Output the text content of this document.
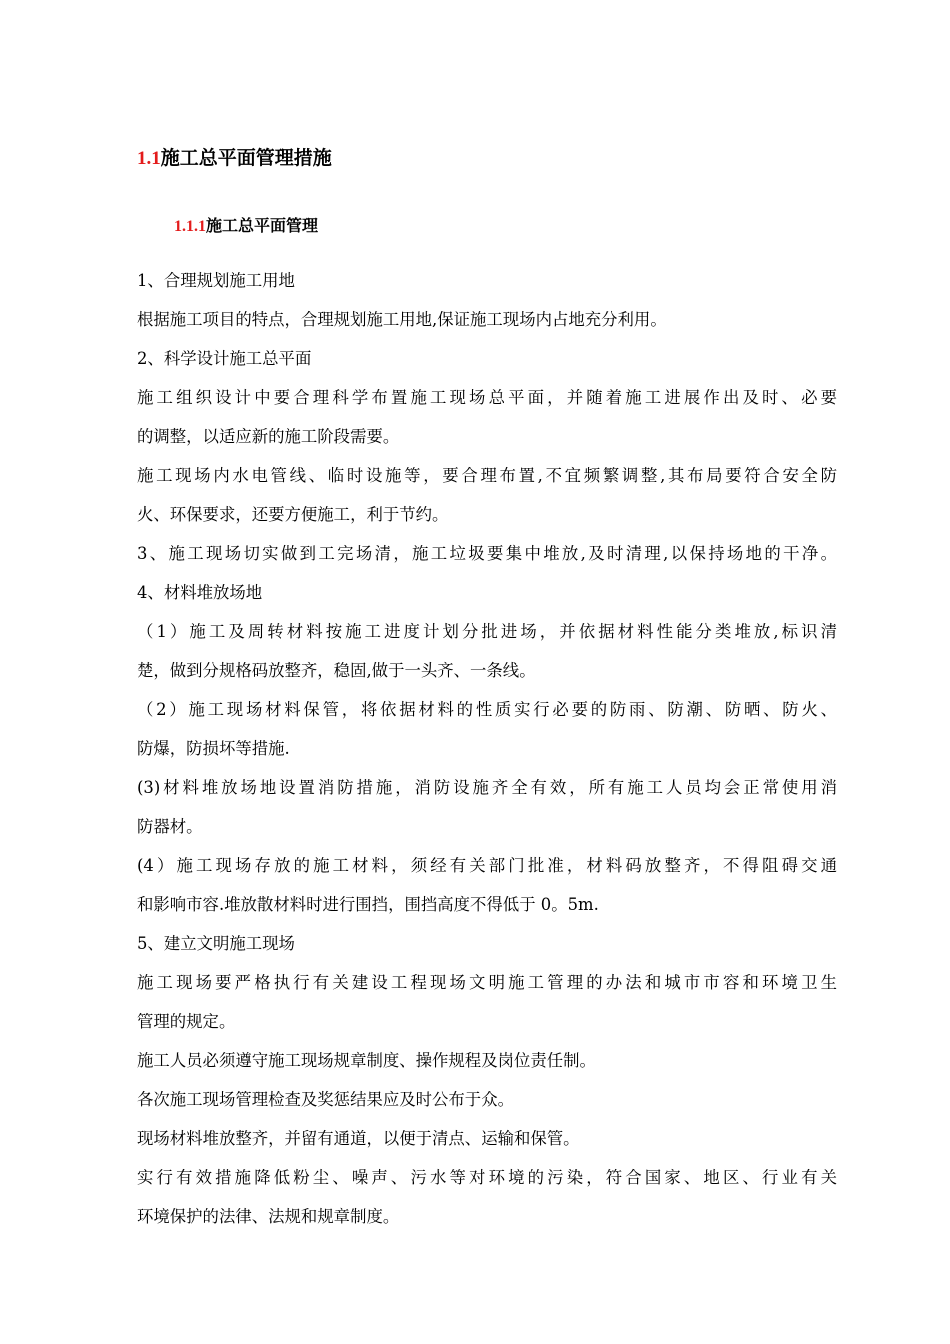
1.1施工总平面管理措施
1.1.1施工总平面管理
1、合理规划施工用地
根据施工项目的特点，合理规划施工用地,保证施工现场内占地充分利用。
2、科学设计施工总平面
施工组织设计中要合理科学布置施工现场总平面，并随着施工进展作出及时、必要
的调整，以适应新的施工阶段需要。
施工现场内水电管线、临时设施等，要合理布置,不宜频繁调整,其布局要符合安全防
火、环保要求，还要方便施工，利于节约。
3、施工现场切实做到工完场清，施工垃圾要集中堆放,及时清理,以保持场地的干净。
4、材料堆放场地
（1）施工及周转材料按施工进度计划分批进场，并依据材料性能分类堆放,标识清
楚，做到分规格码放整齐，稳固,做于一头齐、一条线。
（2）施工现场材料保管，将依据材料的性质实行必要的防雨、防潮、防晒、防火、
防爆，防损坏等措施.
(3)材料堆放场地设置消防措施，消防设施齐全有效，所有施工人员均会正常使用消
防器材。
(4）施工现场存放的施工材料，须经有关部门批准，材料码放整齐，不得阻碍交通
和影响市容.堆放散材料时进行围挡，围挡高度不得低于 0。5m.
5、建立文明施工现场
施工现场要严格执行有关建设工程现场文明施工管理的办法和城市市容和环境卫生
管理的规定。
施工人员必须遵守施工现场规章制度、操作规程及岗位责任制。
各次施工现场管理检查及奖惩结果应及时公布于众。
现场材料堆放整齐，并留有通道，以便于清点、运输和保管。
实行有效措施降低粉尘、噪声、污水等对环境的污染，符合国家、地区、行业有关
环境保护的法律、法规和规章制度。
